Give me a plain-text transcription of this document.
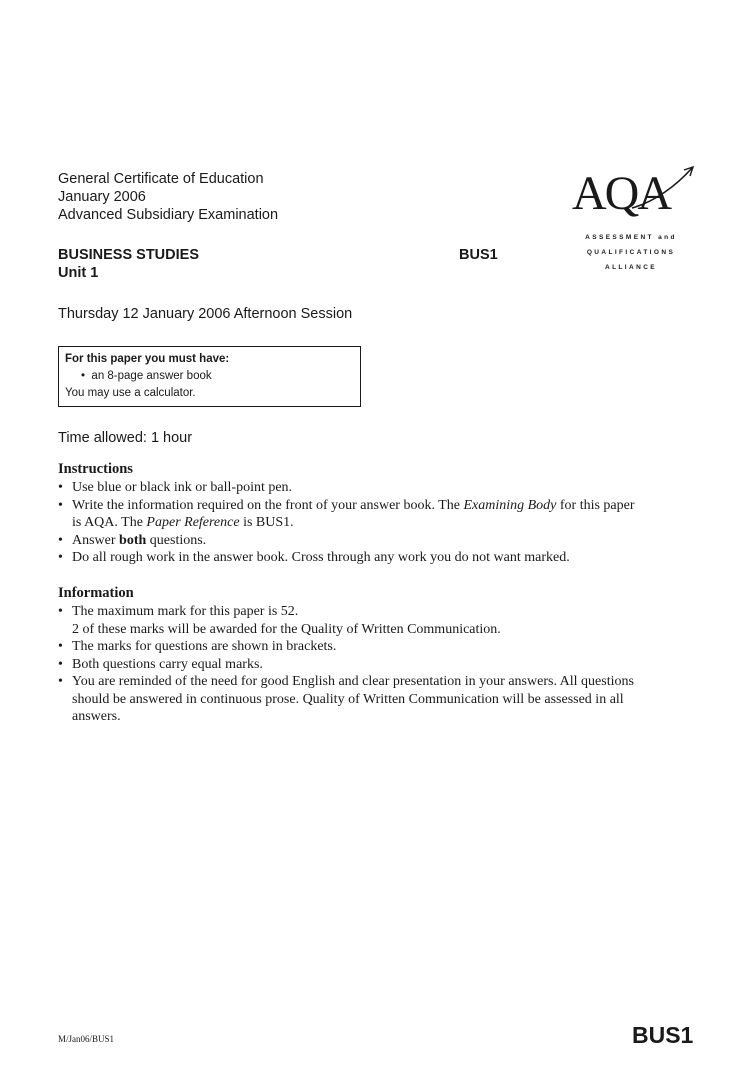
General Certificate of Education
January 2006
Advanced Subsidiary Examination
BUSINESS STUDIES
Unit 1
BUS1
Thursday 12 January 2006 Afternoon Session
AQA
ASSESSMENT and
QUALIFICATIONS
ALLIANCE
For this paper you must have:
•  an 8-page answer book
You may use a calculator.
Time allowed: 1 hour
Instructions
• Use blue or black ink or ball-point pen.
• Write the information required on the front of your answer book. The Examining Body for this paper
is AQA. The Paper Reference is BUS1.
• Answer both questions.
• Do all rough work in the answer book. Cross through any work you do not want marked.
Information
• The maximum mark for this paper is 52.
2 of these marks will be awarded for the Quality of Written Communication.
• The marks for questions are shown in brackets.
• Both questions carry equal marks.
• You are reminded of the need for good English and clear presentation in your answers. All questions
should be answered in continuous prose. Quality of Written Communication will be assessed in all
answers.
M/Jan06/BUS1	BUS1
